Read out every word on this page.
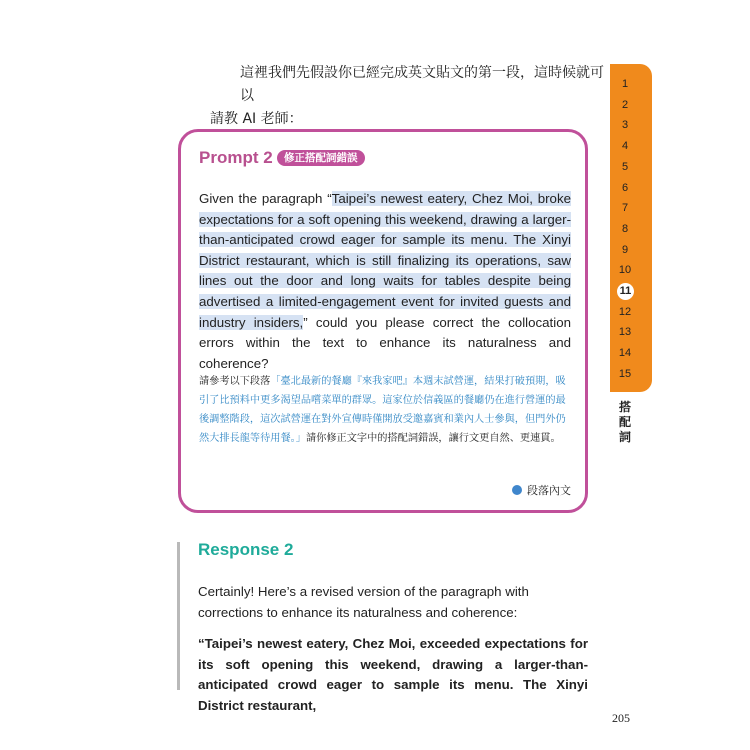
這裡我們先假設你已經完成英文貼文的第一段，這時候就可以
請教 AI 老師：
Prompt 2	修正搭配詞錯誤
Given the paragraph “Taipei’s newest eatery, Chez Moi, broke expectations for a soft opening this weekend, drawing a larger-than-anticipated crowd eager for sample its menu. The Xinyi District restaurant, which is still finalizing its operations, saw lines out the door and long waits for tables despite being advertised a limited-engagement event for invited guests and industry insiders,” could you please correct the collocation errors within the text to enhance its naturalness and coherence?
請參考以下段落「臺北最新的餐廳『來我家吧』本週末試營運，結果打破預期，吸引了比預料中更多渴望品嚐菜單的群眾。這家位於信義區的餐廳仍在進行營運的最後調整階段，這次試營運在對外宣傳時僅開放受邀嘉賓和業內人士參與，但門外仍然大排長龍等待用餐。」請你修正文字中的搭配詞錯誤，讓行文更自然、更連貫。
段落內文
Response 2
Certainly! Here’s a revised version of the paragraph with corrections to enhance its naturalness and coherence:
“Taipei’s newest eatery, Chez Moi, exceeded expectations for its soft opening this weekend, drawing a larger-than-anticipated crowd eager to sample its menu. The Xinyi District restaurant,
1
2
3
4
5
6
7
8
9
10
11
12
13
14
15
搭配詞
205
